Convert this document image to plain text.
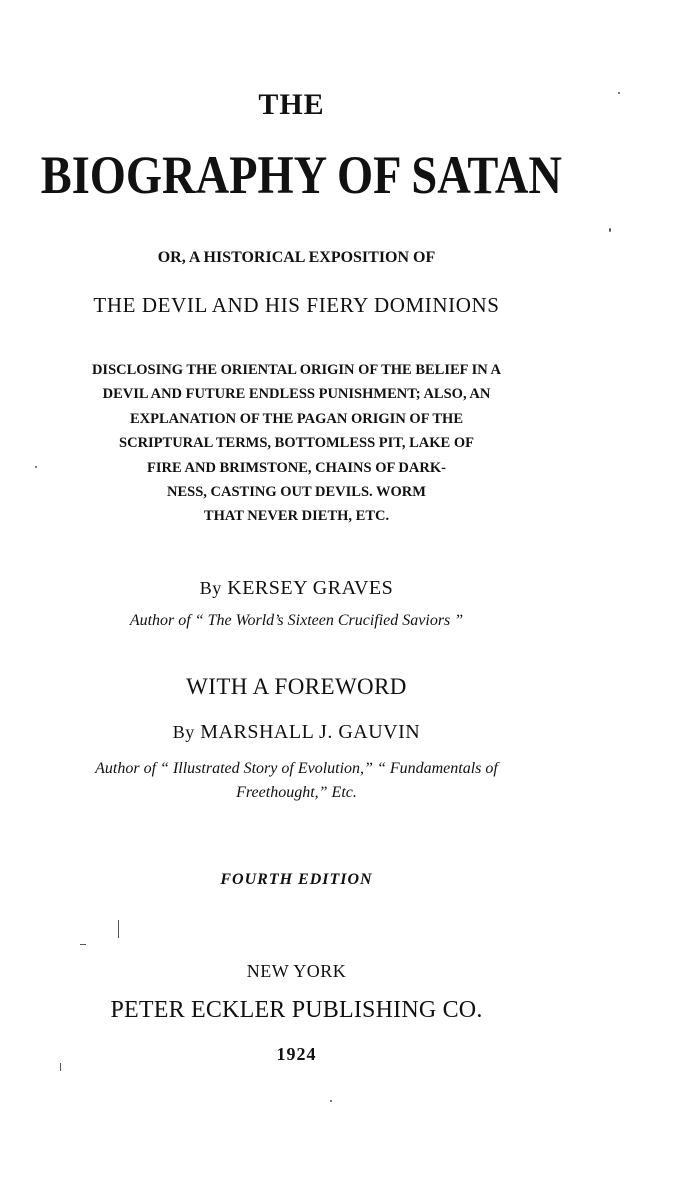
THE

BIOGRAPHY OF SATAN

OR, A HISTORICAL EXPOSITION OF

THE DEVIL AND HIS FIERY DOMINIONS

DISCLOSING THE ORIENTAL ORIGIN OF THE BELIEF IN A
DEVIL AND FUTURE ENDLESS PUNISHMENT; ALSO, AN
EXPLANATION OF THE PAGAN ORIGIN OF THE
SCRIPTURAL TERMS, BOTTOMLESS PIT, LAKE OF
FIRE AND BRIMSTONE, CHAINS OF DARK-
NESS, CASTING OUT DEVILS. WORM
THAT NEVER DIETH, ETC.

By KERSEY GRAVES

Author of “ The World’s Sixteen Crucified Saviors ”

WITH A FOREWORD

By MARSHALL J. GAUVIN

Author of “ Illustrated Story of Evolution,” “ Fundamentals of
Freethought,” Etc.

FOURTH EDITION

NEW YORK

PETER ECKLER PUBLISHING CO.

1924
